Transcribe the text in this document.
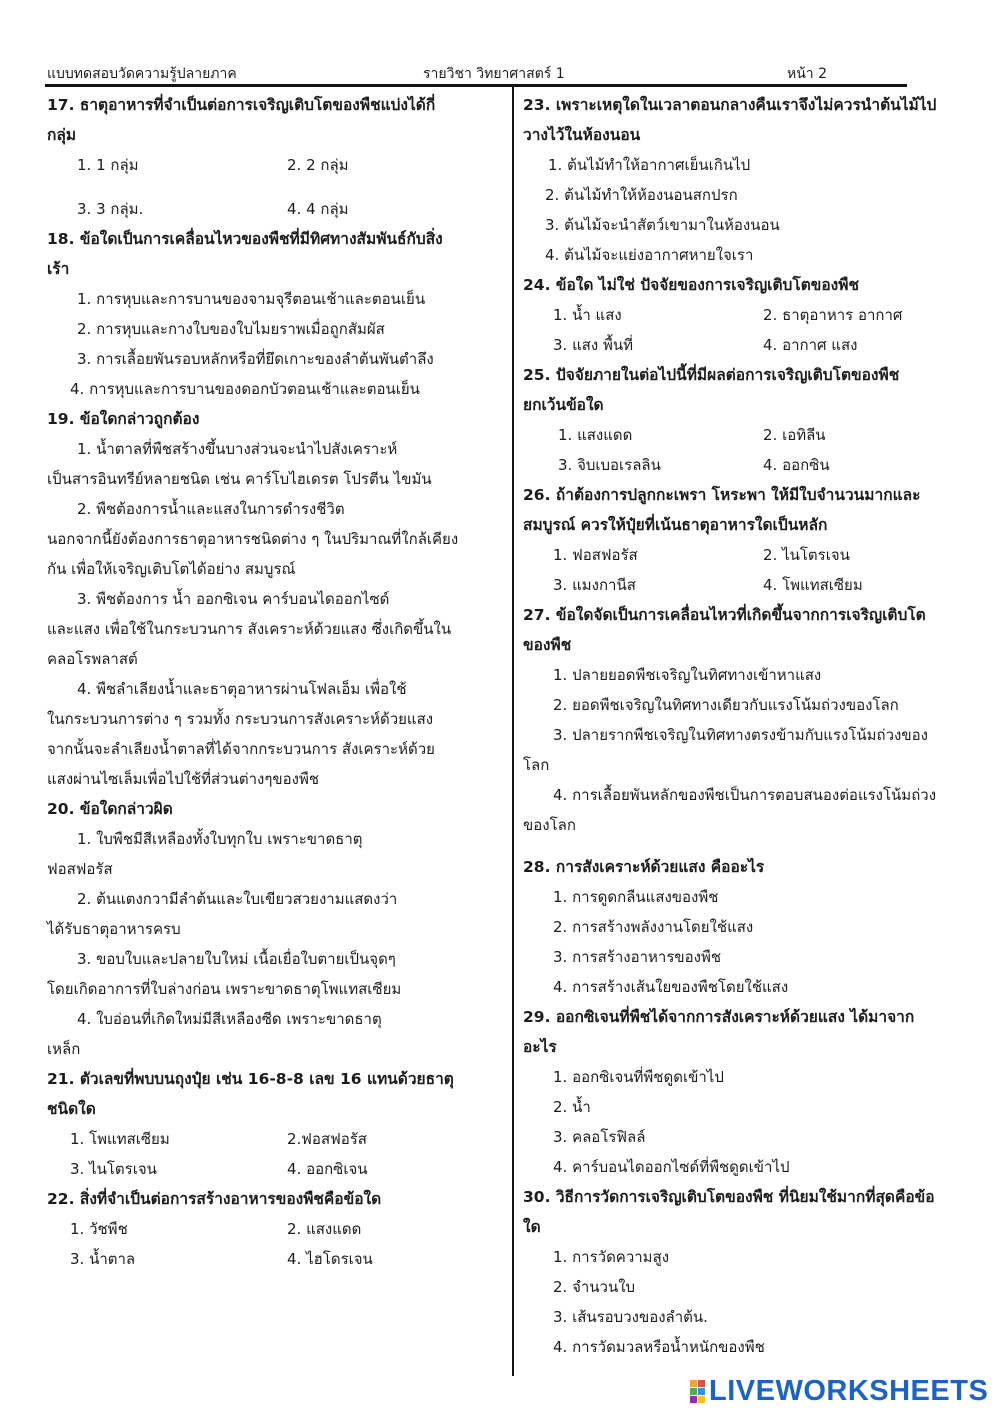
แบบทดสอบวัดความรู้ปลายภาค	รายวิชา วิทยาศาสตร์ 1	หน้า 2
17. ธาตุอาหารที่จำเป็นต่อการเจริญเติบโตของพืชแบ่งได้กี่
กลุ่ม
1. 1 กลุ่ม	2. 2 กลุ่ม
3. 3 กลุ่ม.	4. 4 กลุ่ม
18. ข้อใดเป็นการเคลื่อนไหวของพืชที่มีทิศทางสัมพันธ์กับสิ่ง
เร้า
1. การหุบและการบานของจามจุรีตอนเช้าและตอนเย็น
2. การหุบและกางใบของใบไมยราพเมื่อถูกสัมผัส
3. การเลื้อยพันรอบหลักหรือที่ยึดเกาะของลำต้นพันตำลึง
4. การหุบและการบานของดอกบัวตอนเช้าและตอนเย็น
19. ข้อใดกล่าวถูกต้อง
1. น้ำตาลที่พืชสร้างขึ้นบางส่วนจะนำไปสังเคราะห์
เป็นสารอินทรีย์หลายชนิด เช่น คาร์โบไฮเดรต โปรตีน ไขมัน
2. พืชต้องการน้ำและแสงในการดำรงชีวิต
นอกจากนี้ยังต้องการธาตุอาหารชนิดต่าง ๆ ในปริมาณที่ใกล้เคียง
กัน เพื่อให้เจริญเติบโตได้อย่าง สมบูรณ์
3. พืชต้องการ น้ำ ออกซิเจน คาร์บอนไดออกไซด์
และแสง เพื่อใช้ในกระบวนการ สังเคราะห์ด้วยแสง ซึ่งเกิดขึ้นใน
คลอโรพลาสต์
4. พืชลำเลียงน้ำและธาตุอาหารผ่านโฟลเอ็ม เพื่อใช้
ในกระบวนการต่าง ๆ รวมทั้ง กระบวนการสังเคราะห์ด้วยแสง
จากนั้นจะลำเลียงน้ำตาลที่ได้จากกระบวนการ สังเคราะห์ด้วย
แสงผ่านไซเล็มเพื่อไปใช้ที่ส่วนต่างๆของพืช
20. ข้อใดกล่าวผิด
1. ใบพืชมีสีเหลืองทั้งใบทุกใบ เพราะขาดธาตุ
ฟอสฟอรัส
2. ต้นแตงกวามีลำต้นและใบเขียวสวยงามแสดงว่า
ได้รับธาตุอาหารครบ
3. ขอบใบและปลายใบใหม่ เนื้อเยื่อใบตายเป็นจุดๆ
โดยเกิดอาการที่ใบล่างก่อน เพราะขาดธาตุโพแทสเซียม
4. ใบอ่อนที่เกิดใหม่มีสีเหลืองซีด เพราะขาดธาตุ
เหล็ก
21. ตัวเลขที่พบบนถุงปุ๋ย เช่น 16-8-8 เลข 16 แทนด้วยธาตุ
ชนิดใด
1. โพแทสเซียม	2.ฟอสฟอรัส
3. ไนโตรเจน	4. ออกซิเจน
22. สิ่งที่จำเป็นต่อการสร้างอาหารของพืชคือข้อใด
1. วัชพืช	2. แสงแดด
3. น้ำตาล	4. ไฮโดรเจน
23. เพราะเหตุใดในเวลาตอนกลางคืนเราจึงไม่ควรนำต้นไม้ไป
วางไว้ในห้องนอน
1. ต้นไม้ทำให้อากาศเย็นเกินไป
2. ต้นไม้ทำให้ห้องนอนสกปรก
3. ต้นไม้จะนำสัตว์เขามาในห้องนอน
4. ต้นไม้จะแย่งอากาศหายใจเรา
24. ข้อใด ไม่ใช่ ปัจจัยของการเจริญเติบโตของพืช
1. น้ำ แสง	2. ธาตุอาหาร อากาศ
3. แสง พื้นที่	4. อากาศ แสง
25. ปัจจัยภายในต่อไปนี้ที่มีผลต่อการเจริญเติบโตของพืช
ยกเว้นข้อใด
1. แสงแดด	2. เอทิลีน
3. จิบเบอเรลลิน	4. ออกซิน
26. ถ้าต้องการปลูกกะเพรา โหระพา ให้มีใบจำนวนมากและ
สมบูรณ์ ควรให้ปุ๋ยที่เน้นธาตุอาหารใดเป็นหลัก
1. ฟอสฟอรัส	2. ไนโตรเจน
3. แมงกานีส	4. โพแทสเซียม
27. ข้อใดจัดเป็นการเคลื่อนไหวที่เกิดขึ้นจากการเจริญเติบโต
ของพืช
1. ปลายยอดพืชเจริญในทิศทางเข้าหาแสง
2. ยอดพืชเจริญในทิศทางเดียวกับแรงโน้มถ่วงของโลก
3. ปลายรากพืชเจริญในทิศทางตรงข้ามกับแรงโน้มถ่วงของ
โลก
4. การเลื้อยพันหลักของพืชเป็นการตอบสนองต่อแรงโน้มถ่วง
ของโลก
28. การสังเคราะห์ด้วยแสง คืออะไร
1. การดูดกลืนแสงของพืช
2. การสร้างพลังงานโดยใช้แสง
3. การสร้างอาหารของพืช
4. การสร้างเส้นใยของพืชโดยใช้แสง
29. ออกซิเจนที่พืชได้จากการสังเคราะห์ด้วยแสง ได้มาจาก
อะไร
1. ออกซิเจนที่พืชดูดเข้าไป
2. น้ำ
3. คลอโรฟิลล์
4. คาร์บอนไดออกไซด์ที่พืชดูดเข้าไป
30. วิธีการวัดการเจริญเติบโตของพืช ที่นิยมใช้มากที่สุดคือข้อ
ใด
1. การวัดความสูง
2. จำนวนใบ
3. เส้นรอบวงของลำต้น.
4. การวัดมวลหรือน้ำหนักของพืช
LIVEWORKSHEETS
